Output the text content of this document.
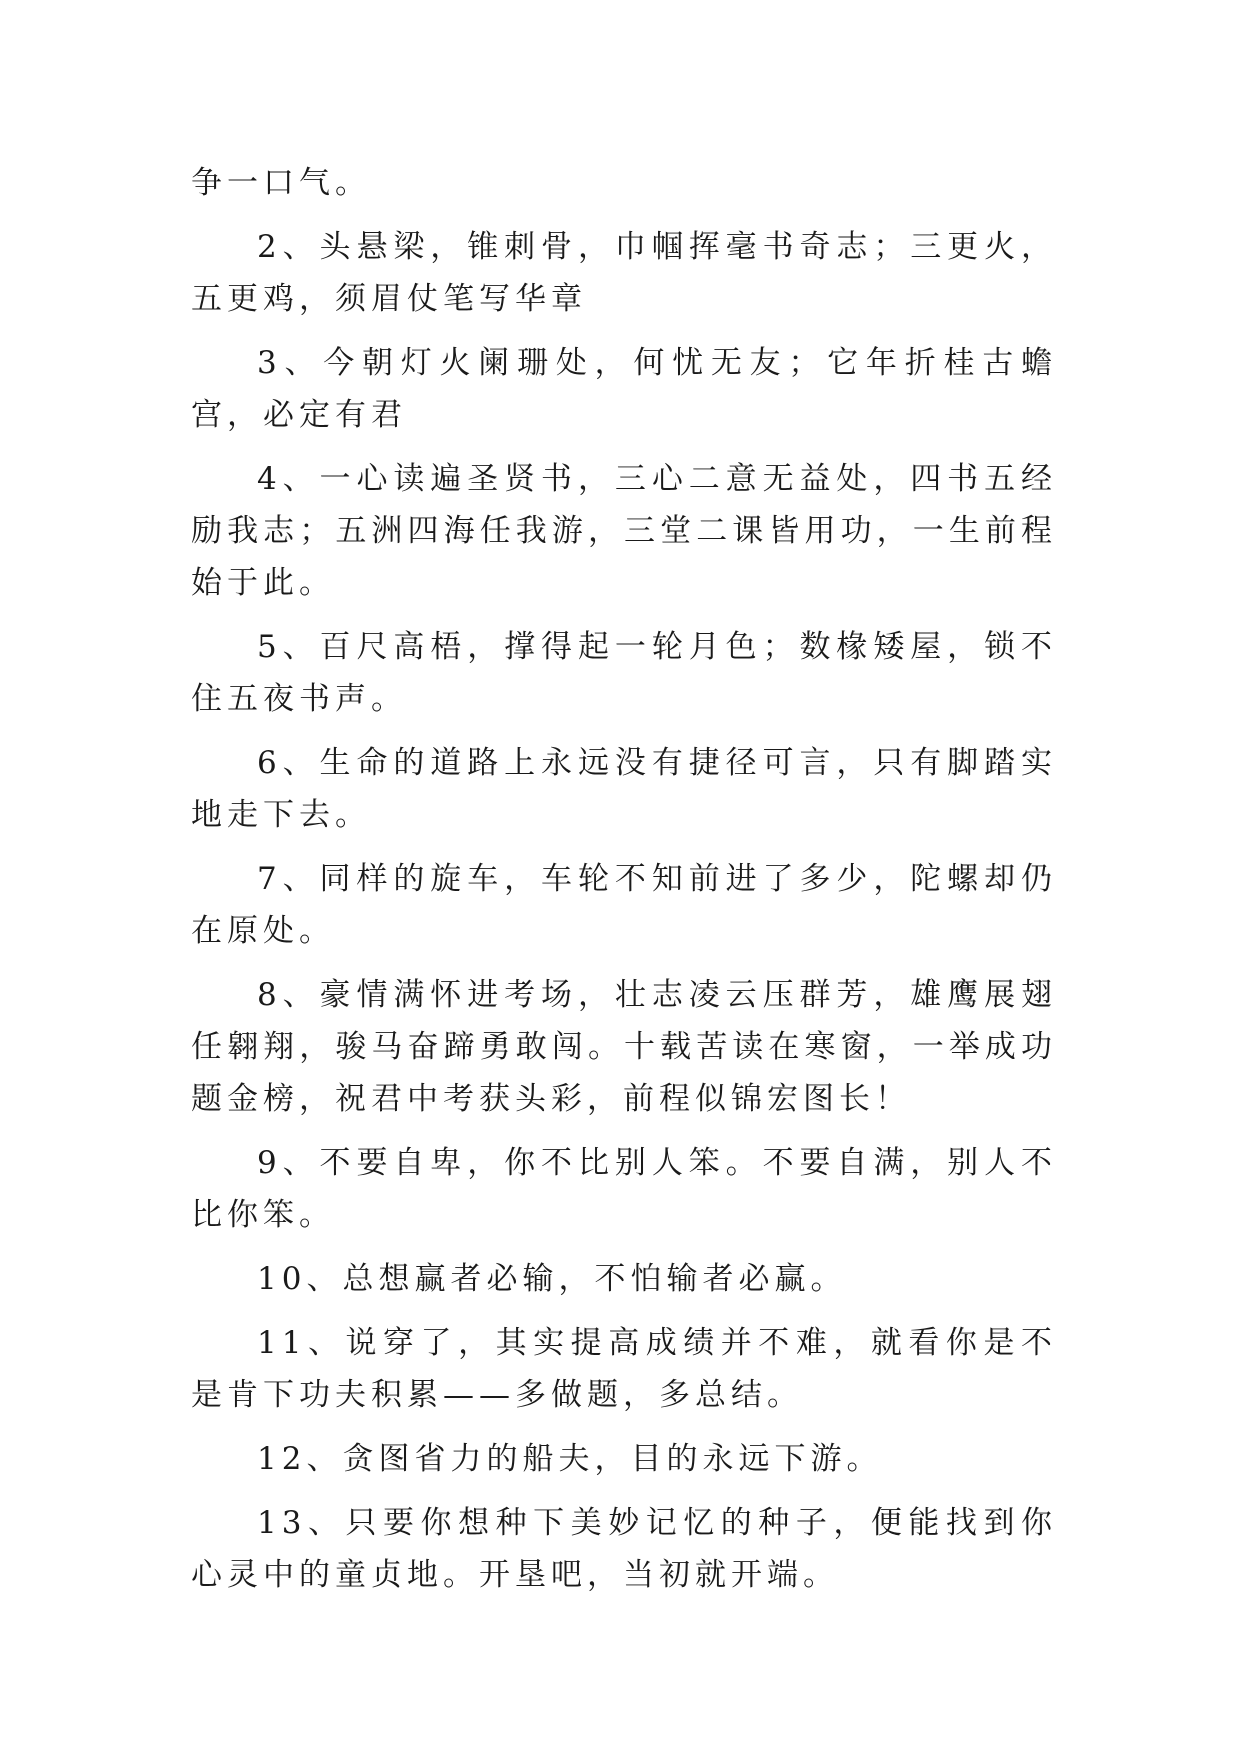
争一口气。

2、头悬梁，锥刺骨，巾帼挥毫书奇志；三更火，五更鸡，须眉仗笔写华章

3、今朝灯火阑珊处，何忧无友；它年折桂古蟾宫，必定有君

4、一心读遍圣贤书，三心二意无益处，四书五经励我志；五洲四海任我游，三堂二课皆用功，一生前程始于此。

5、百尺高梧，撑得起一轮月色；数椽矮屋，锁不住五夜书声。

6、生命的道路上永远没有捷径可言，只有脚踏实地走下去。

7、同样的旋车，车轮不知前进了多少，陀螺却仍在原处。

8、豪情满怀进考场，壮志凌云压群芳，雄鹰展翅任翱翔，骏马奋蹄勇敢闯。十载苦读在寒窗，一举成功题金榜，祝君中考获头彩，前程似锦宏图长！

9、不要自卑，你不比别人笨。不要自满，别人不比你笨。

10、总想赢者必输，不怕输者必赢。

11、说穿了，其实提高成绩并不难，就看你是不是肯下功夫积累——多做题，多总结。

12、贪图省力的船夫，目的永远下游。

13、只要你想种下美妙记忆的种子，便能找到你心灵中的童贞地。开垦吧，当初就开端。
